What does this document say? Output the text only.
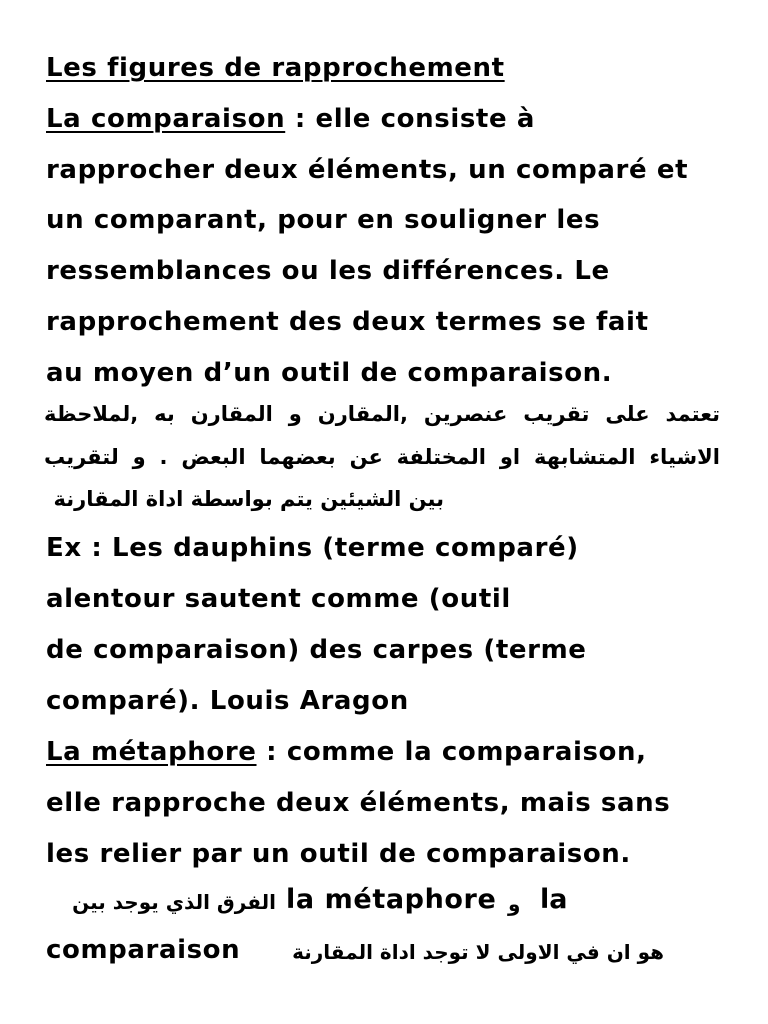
Les figures de rapprochement
La comparaison : elle consiste à
rapprocher deux éléments, un comparé et
un comparant, pour en souligner les
ressemblances ou les différences. Le
rapprochement des deux termes se fait
au moyen d’un outil de comparaison.
تعتمد على تقريب عنصرين ,المقارن و المقارن به ,لملاحظة
الاشياء المتشابهة او المختلفة عن بعضهما البعض . و لتقريب
بين الشيئين يتم بواسطة اداة المقارنة
Ex : Les dauphins (terme comparé)
alentour sautent comme (outil
de comparaison) des carpes (terme
comparé). Louis Aragon
La métaphore : comme la comparaison,
elle rapproche deux éléments, mais sans
les relier par un outil de comparaison.
الفرق الذي يوجد بين la métaphore و la
comparaison	هو ان في الاولى لا توجد اداة المقارنة
